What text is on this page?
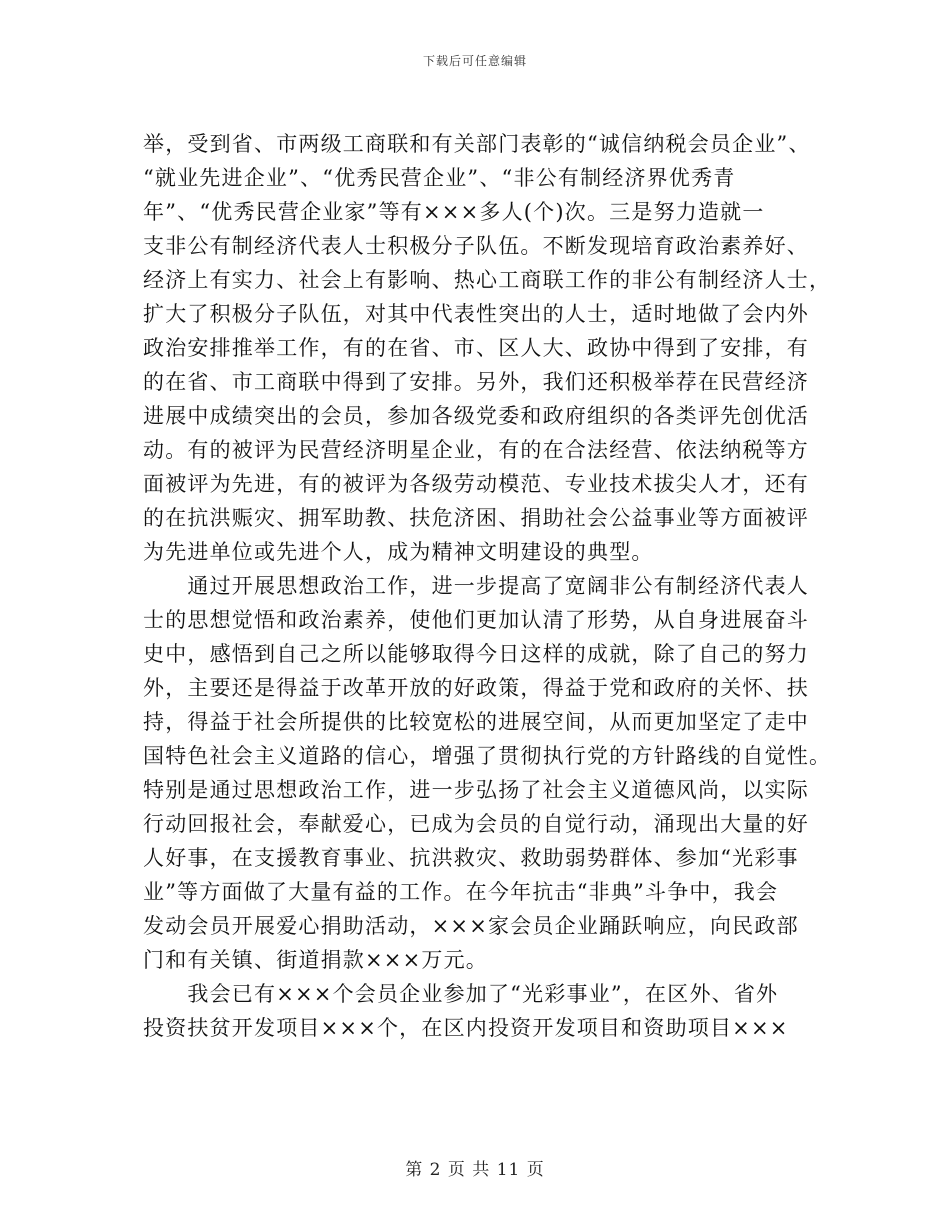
下载后可任意编辑
举，受到省、市两级工商联和有关部门表彰的“诚信纳税会员企业”、
“就业先进企业”、“优秀民营企业”、“非公有制经济界优秀青
年”、“优秀民营企业家”等有×××多人(个)次。三是努力造就一
支非公有制经济代表人士积极分子队伍。不断发现培育政治素养好、
经济上有实力、社会上有影响、热心工商联工作的非公有制经济人士，
扩大了积极分子队伍，对其中代表性突出的人士，适时地做了会内外
政治安排推举工作，有的在省、市、区人大、政协中得到了安排，有
的在省、市工商联中得到了安排。另外，我们还积极举荐在民营经济
进展中成绩突出的会员，参加各级党委和政府组织的各类评先创优活
动。有的被评为民营经济明星企业，有的在合法经营、依法纳税等方
面被评为先进，有的被评为各级劳动模范、专业技术拔尖人才，还有
的在抗洪赈灾、拥军助教、扶危济困、捐助社会公益事业等方面被评
为先进单位或先进个人，成为精神文明建设的典型。
　　通过开展思想政治工作，进一步提高了宽阔非公有制经济代表人
士的思想觉悟和政治素养，使他们更加认清了形势，从自身进展奋斗
史中，感悟到自己之所以能够取得今日这样的成就，除了自己的努力
外，主要还是得益于改革开放的好政策，得益于党和政府的关怀、扶
持，得益于社会所提供的比较宽松的进展空间，从而更加坚定了走中
国特色社会主义道路的信心，增强了贯彻执行党的方针路线的自觉性。
特别是通过思想政治工作，进一步弘扬了社会主义道德风尚，以实际
行动回报社会，奉献爱心，已成为会员的自觉行动，涌现出大量的好
人好事，在支援教育事业、抗洪救灾、救助弱势群体、参加“光彩事
业”等方面做了大量有益的工作。在今年抗击“非典”斗争中，我会
发动会员开展爱心捐助活动，×××家会员企业踊跃响应，向民政部
门和有关镇、街道捐款×××万元。
　　我会已有×××个会员企业参加了“光彩事业”，在区外、省外
投资扶贫开发项目×××个，在区内投资开发项目和资助项目×××
第 2 页 共 11 页
